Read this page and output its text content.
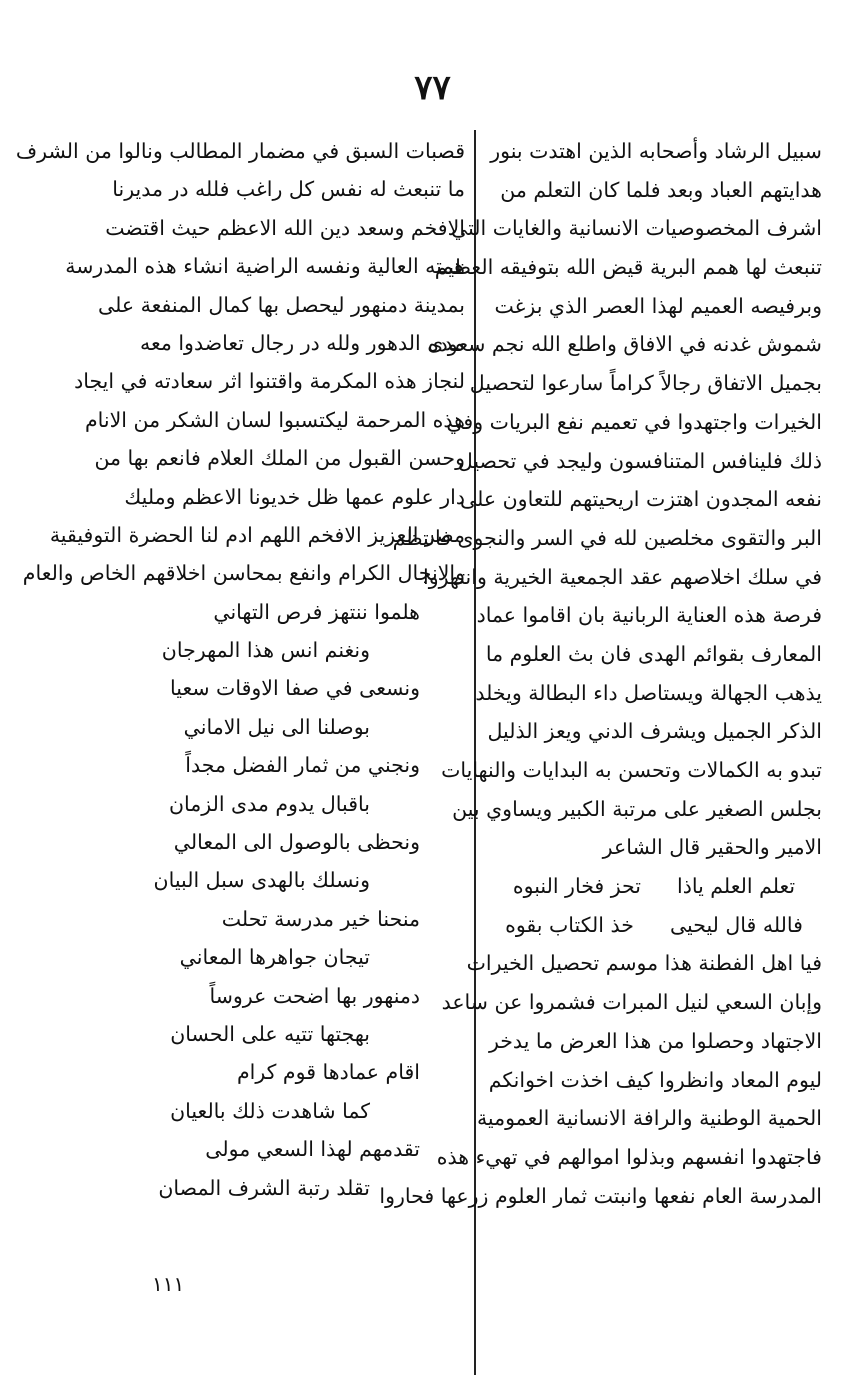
٧٧
سبيل الرشاد وأصحابه الذين اهتدت بنور
هدايتهم العباد وبعد فلما كان التعلم من
اشرف المخصوصيات الانسانية والغايات التي
تنبعث لها همم البرية قيض الله بتوفيقه العظيم
وبرفيصه العميم لهذا العصر الذي بزغت
شموش غدنه في الافاق واطلع الله نجم سعوده
بجميل الاتفاق رجالاً كراماً سارعوا لتحصيل
الخيرات واجتهدوا في تعميم نفع البريات وفي
ذلك فلينافس المتنافسون وليجد في تحصيل
نفعه المجدون اهتزت اريحيتهم للتعاون على
البر والتقوى مخلصين لله في السر والنجوى فانتظم
في سلك اخلاصهم عقد الجمعية الخيرية وانتهزوا
فرصة هذه العناية الربانية بان اقاموا عماد
المعارف بقوائم الهدى فان بث العلوم ما
يذهب الجهالة ويستاصل داء البطالة ويخلد
الذكر الجميل ويشرف الدني ويعز الذليل
تبدو به الكمالات وتحسن به البدايات والنهايات
بجلس الصغير على مرتبة الكبير ويساوي بين
الامير والحقير قال الشاعر
تعلم العلم ياذا
تحز فخار النبوه
فالله قال ليحيى
خذ الكتاب بقوه
فيا اهل الفطنة هذا موسم تحصيل الخيرات
وإبان السعي لنيل المبرات فشمروا عن ساعد
الاجتهاد وحصلوا من هذا العرض ما يدخر
ليوم المعاد وانظروا كيف اخذت اخوانكم
الحمية الوطنية والرافة الانسانية العمومية
فاجتهدوا انفسهم وبذلوا اموالهم في تهيء هذه
المدرسة العام نفعها وانبتت ثمار العلوم زرعها فحاروا
قصبات السبق في مضمار المطالب ونالوا من الشرف
ما تنبعث له نفس كل راغب فلله در مديرنا
الافخم وسعد دين الله الاعظم حيث اقتضت
همته العالية ونفسه الراضية انشاء هذه المدرسة
بمدينة دمنهور ليحصل بها كمال المنفعة على
مدى الدهور ولله در رجال تعاضدوا معه
لنجاز هذه المكرمة واقتنوا اثر سعادته في ايجاد
هذه المرحمة ليكتسبوا لسان الشكر من الانام
وحسن القبول من الملك العلام فانعم بها من
دار علوم عمها ظل خديونا الاعظم ومليك
مصر العزيز الافخم اللهم ادم لنا الحضرة التوفيقية
والانجال الكرام وانفع بمحاسن اخلاقهم الخاص والعام
هلموا ننتهز فرص التهاني
ونغنم انس هذا المهرجان
ونسعى في صفا الاوقات سعيا
بوصلنا الى نيل الاماني
ونجني من ثمار الفضل مجداً
باقبال يدوم مدى الزمان
ونحظى بالوصول الى المعالي
ونسلك بالهدى سبل البيان
منحنا خير مدرسة تحلت
تيجان جواهرها المعاني
دمنهور بها اضحت عروساً
بهجتها تتيه على الحسان
اقام عمادها قوم كرام
كما شاهدت ذلك بالعيان
تقدمهم لهذا السعي مولى
تقلد رتبة الشرف المصان
١١١
